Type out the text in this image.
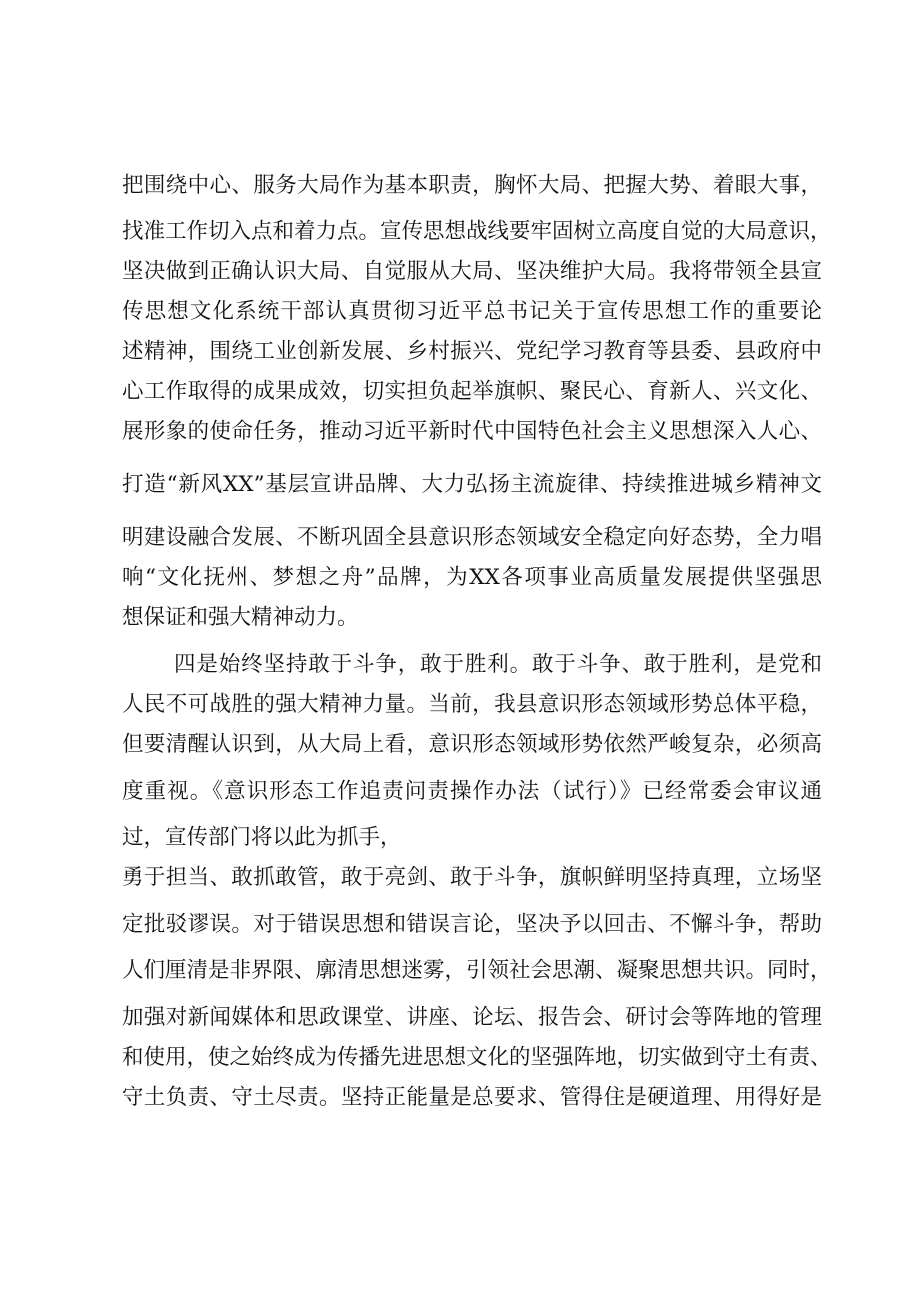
把围绕中心、服务大局作为基本职责，胸怀大局、把握大势、着眼大事，
找准工作切入点和着力点。宣传思想战线要牢固树立高度自觉的大局意识，
坚决做到正确认识大局、自觉服从大局、坚决维护大局。我将带领全县宣
传思想文化系统干部认真贯彻习近平总书记关于宣传思想工作的重要论
述精神，围绕工业创新发展、乡村振兴、党纪学习教育等县委、县政府中
心工作取得的成果成效，切实担负起举旗帜、聚民心、育新人、兴文化、
展形象的使命任务，推动习近平新时代中国特色社会主义思想深入人心、
打造“新风XX”基层宣讲品牌、大力弘扬主流旋律、持续推进城乡精神文
明建设融合发展、不断巩固全县意识形态领域安全稳定向好态势，全力唱
响“文化抚州、梦想之舟”品牌，为XX各项事业高质量发展提供坚强思
想保证和强大精神动力。
四是始终坚持敢于斗争，敢于胜利。敢于斗争、敢于胜利，是党和
人民不可战胜的强大精神力量。当前，我县意识形态领域形势总体平稳，
但要清醒认识到，从大局上看，意识形态领域形势依然严峻复杂，必须高
度重视。《意识形态工作追责问责操作办法（试行）》已经常委会审议通
过，宣传部门将以此为抓手，
勇于担当、敢抓敢管，敢于亮剑、敢于斗争，旗帜鲜明坚持真理，立场坚
定批驳谬误。对于错误思想和错误言论，坚决予以回击、不懈斗争，帮助
人们厘清是非界限、廓清思想迷雾，引领社会思潮、凝聚思想共识。同时，
加强对新闻媒体和思政课堂、讲座、论坛、报告会、研讨会等阵地的管理
和使用，使之始终成为传播先进思想文化的坚强阵地，切实做到守土有责、
守土负责、守土尽责。坚持正能量是总要求、管得住是硬道理、用得好是
